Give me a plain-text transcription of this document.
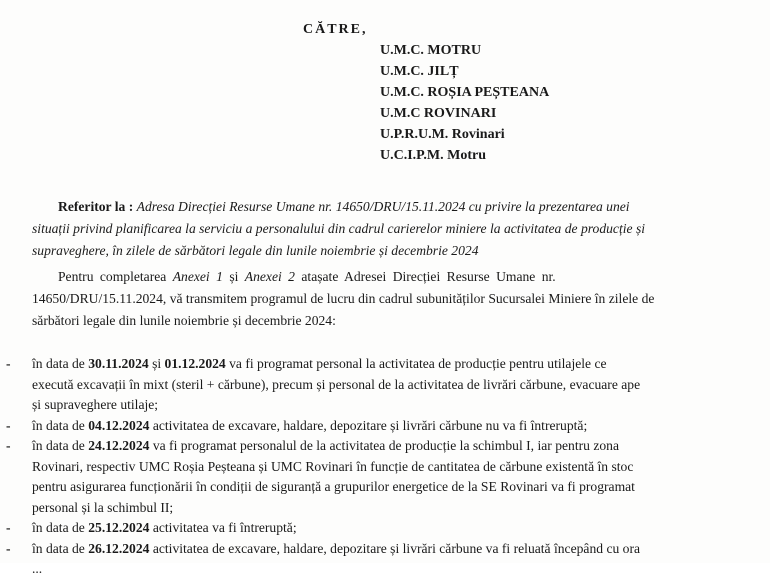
CĂTRE,
U.M.C. MOTRU
U.M.C. JILȚ
U.M.C. ROȘIA PEȘTEANA
U.M.C ROVINARI
U.P.R.U.M. Rovinari
U.C.I.P.M. Motru
Referitor la : Adresa Direcției Resurse Umane nr. 14650/DRU/15.11.2024 cu privire la prezentarea unei
situații privind planificarea la serviciu a personalului din cadrul carierelor miniere la activitatea de producție și
supraveghere, în zilele de sărbători legale din lunile noiembrie și decembrie 2024
Pentru completarea Anexei 1 și Anexei 2 atașate Adresei Direcției Resurse Umane nr.
14650/DRU/15.11.2024, vă transmitem programul de lucru din cadrul subunităților Sucursalei Miniere în zilele de
sărbători legale din lunile noiembrie și decembrie 2024:
- în data de 30.11.2024 și 01.12.2024 va fi programat personal la activitatea de producție pentru utilajele ce
execută excavații în mixt (steril + cărbune), precum și personal de la activitatea de livrări cărbune, evacuare ape
și supraveghere utilaje;
- în data de 04.12.2024 activitatea de excavare, haldare, depozitare și livrări cărbune nu va fi întreruptă;
- în data de 24.12.2024 va fi programat personalul de la activitatea de producție la schimbul I, iar pentru zona
Rovinari, respectiv UMC Roșia Peșteana și UMC Rovinari în funcție de cantitatea de cărbune existentă în stoc
pentru asigurarea funcționării în condiții de siguranță a grupurilor energetice de la SE Rovinari va fi programat
personal și la schimbul II;
- în data de 25.12.2024 activitatea va fi întreruptă;
- în data de 26.12.2024 activitatea de excavare, haldare, depozitare și livrări cărbune va fi reluată începând cu ora
...
